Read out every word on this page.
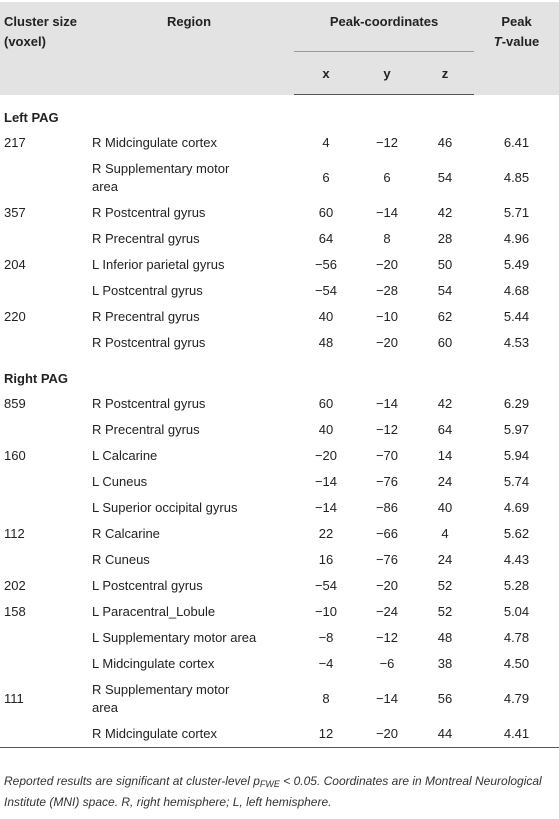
Cluster size
(voxel)	Region	Peak-coordinates			Peak
T-value
		x	y	z	
Left PAG					
217	R Midcingulate cortex	4	−12	46	6.41
	R Supplementary motor area	6	6	54	4.85
357	R Postcentral gyrus	60	−14	42	5.71
	R Precentral gyrus	64	8	28	4.96
204	L Inferior parietal gyrus	−56	−20	50	5.49
	L Postcentral gyrus	−54	−28	54	4.68
220	R Precentral gyrus	40	−10	62	5.44
	R Postcentral gyrus	48	−20	60	4.53
Right PAG					
859	R Postcentral gyrus	60	−14	42	6.29
	R Precentral gyrus	40	−12	64	5.97
160	L Calcarine	−20	−70	14	5.94
	L Cuneus	−14	−76	24	5.74
	L Superior occipital gyrus	−14	−86	40	4.69
112	R Calcarine	22	−66	4	5.62
	R Cuneus	16	−76	24	4.43
202	L Postcentral gyrus	−54	−20	52	5.28
158	L Paracentral_Lobule	−10	−24	52	5.04
	L Supplementary motor area	−8	−12	48	4.78
	L Midcingulate cortex	−4	−6	38	4.50
111	R Supplementary motor area	8	−14	56	4.79
	R Midcingulate cortex	12	−20	44	4.41
Reported results are significant at cluster-level $p_{FWE} < 0.05$. Coordinates are in Montreal Neurological Institute (MNI) space. R, right hemisphere; L, left hemisphere.
